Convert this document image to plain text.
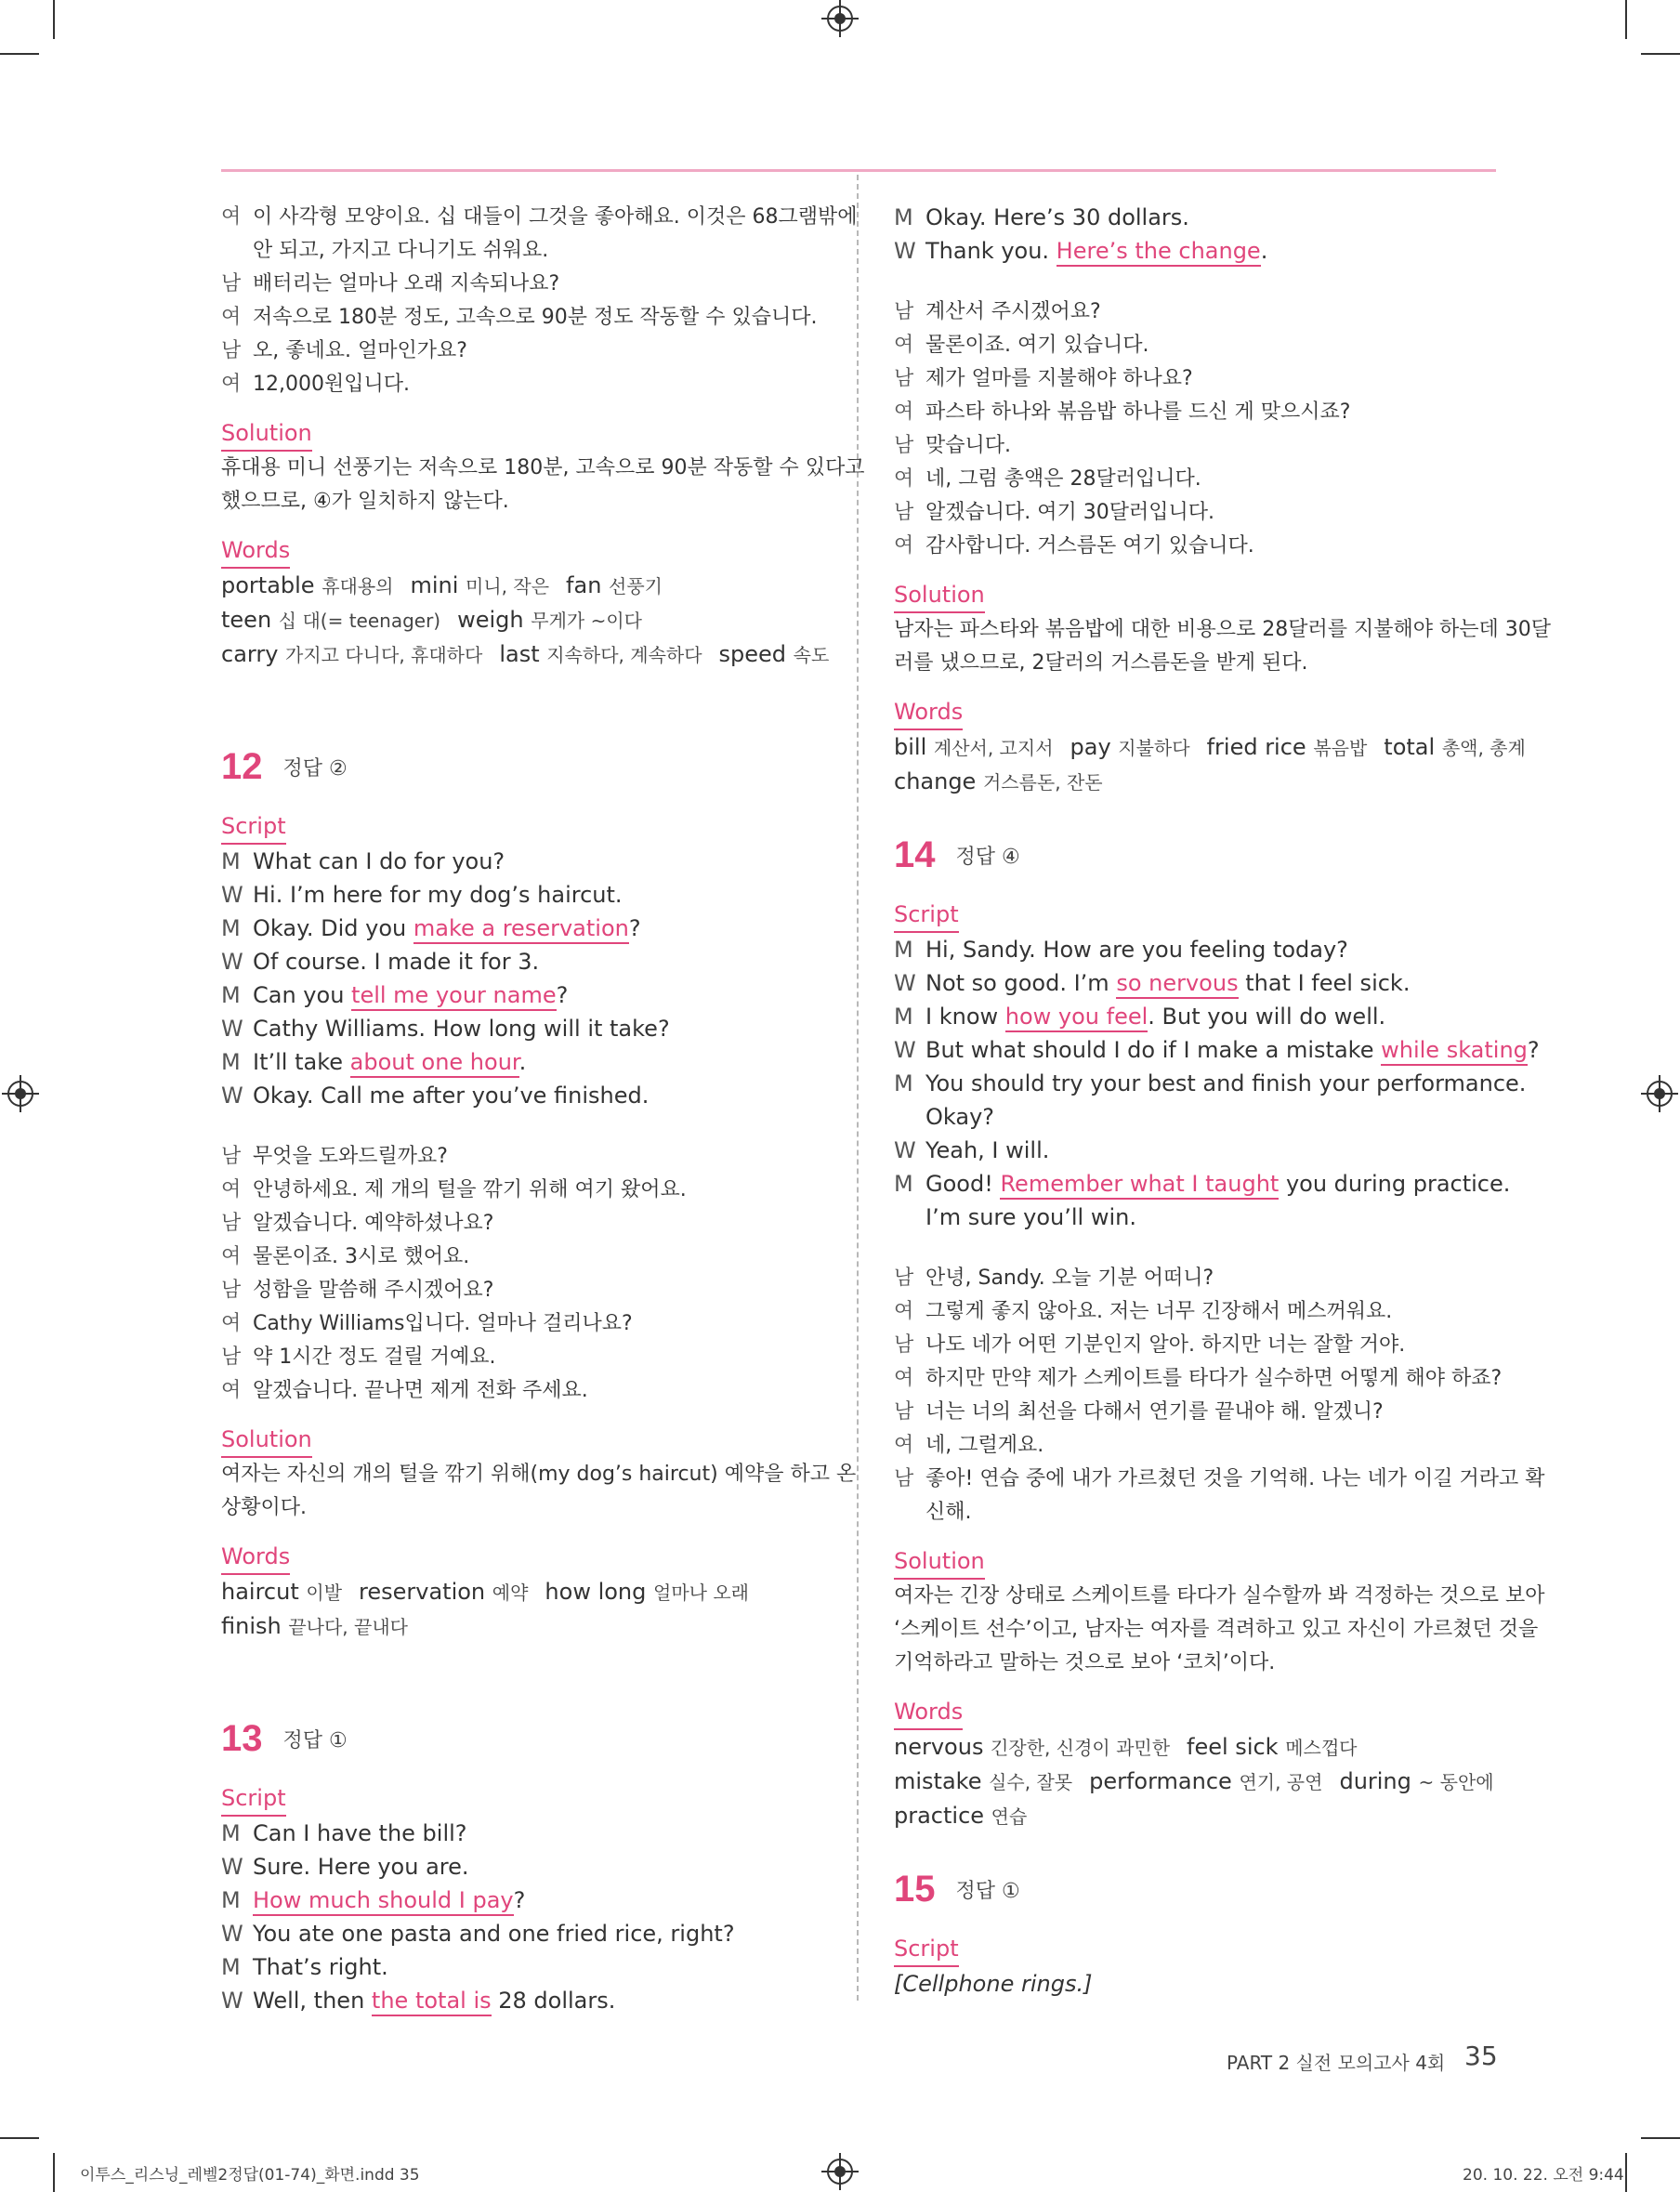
여 이 사각형 모양이요. 십 대들이 그것을 좋아해요. 이것은 68그램밖에
안 되고, 가지고 다니기도 쉬워요.
남 배터리는 얼마나 오래 지속되나요?
여 저속으로 180분 정도, 고속으로 90분 정도 작동할 수 있습니다.
남 오, 좋네요. 얼마인가요?
여 12,000원입니다.
Solution
휴대용 미니 선풍기는 저속으로 180분, 고속으로 90분 작동할 수 있다고
했으므로, ④가 일치하지 않는다.
Words
portable 휴대용의 mini 미니, 작은 fan 선풍기
teen 십 대(= teenager) weigh 무게가 ~이다
carry 가지고 다니다, 휴대하다 last 지속하다, 계속하다 speed 속도
12 정답 ②
Script
M What can I do for you?
W Hi. I’m here for my dog’s haircut.
M Okay. Did you make a reservation?
W Of course. I made it for 3.
M Can you tell me your name?
W Cathy Williams. How long will it take?
M It’ll take about one hour.
W Okay. Call me after you’ve finished.
남 무엇을 도와드릴까요?
여 안녕하세요. 제 개의 털을 깎기 위해 여기 왔어요.
남 알겠습니다. 예약하셨나요?
여 물론이죠. 3시로 했어요.
남 성함을 말씀해 주시겠어요?
여 Cathy Williams입니다. 얼마나 걸리나요?
남 약 1시간 정도 걸릴 거예요.
여 알겠습니다. 끝나면 제게 전화 주세요.
Solution
여자는 자신의 개의 털을 깎기 위해(my dog’s haircut) 예약을 하고 온
상황이다.
Words
haircut 이발 reservation 예약 how long 얼마나 오래
finish 끝나다, 끝내다
13 정답 ①
Script
M Can I have the bill?
W Sure. Here you are.
M How much should I pay?
W You ate one pasta and one fried rice, right?
M That’s right.
W Well, then the total is 28 dollars.
M Okay. Here’s 30 dollars.
W Thank you. Here’s the change.
남 계산서 주시겠어요?
여 물론이죠. 여기 있습니다.
남 제가 얼마를 지불해야 하나요?
여 파스타 하나와 볶음밥 하나를 드신 게 맞으시죠?
남 맞습니다.
여 네, 그럼 총액은 28달러입니다.
남 알겠습니다. 여기 30달러입니다.
여 감사합니다. 거스름돈 여기 있습니다.
Solution
남자는 파스타와 볶음밥에 대한 비용으로 28달러를 지불해야 하는데 30달
러를 냈으므로, 2달러의 거스름돈을 받게 된다.
Words
bill 계산서, 고지서 pay 지불하다 fried rice 볶음밥 total 총액, 총계
change 거스름돈, 잔돈
14 정답 ④
Script
M Hi, Sandy. How are you feeling today?
W Not so good. I’m so nervous that I feel sick.
M I know how you feel. But you will do well.
W But what should I do if I make a mistake while skating?
M You should try your best and finish your performance.
Okay?
W Yeah, I will.
M Good! Remember what I taught you during practice.
I’m sure you’ll win.
남 안녕, Sandy. 오늘 기분 어떠니?
여 그렇게 좋지 않아요. 저는 너무 긴장해서 메스꺼워요.
남 나도 네가 어떤 기분인지 알아. 하지만 너는 잘할 거야.
여 하지만 만약 제가 스케이트를 타다가 실수하면 어떻게 해야 하죠?
남 너는 너의 최선을 다해서 연기를 끝내야 해. 알겠니?
여 네, 그럴게요.
남 좋아! 연습 중에 내가 가르쳤던 것을 기억해. 나는 네가 이길 거라고 확
신해.
Solution
여자는 긴장 상태로 스케이트를 타다가 실수할까 봐 걱정하는 것으로 보아
‘스케이트 선수’이고, 남자는 여자를 격려하고 있고 자신이 가르쳤던 것을
기억하라고 말하는 것으로 보아 ‘코치’이다.
Words
nervous 긴장한, 신경이 과민한 feel sick 메스껍다
mistake 실수, 잘못 performance 연기, 공연 during ~ 동안에
practice 연습
15 정답 ①
Script
[Cellphone rings.]
PART 2 실전 모의고사 4회 35
이투스_리스닝_레벨2정답(01-74)_화면.indd 35	20. 10. 22. 오전 9:44
